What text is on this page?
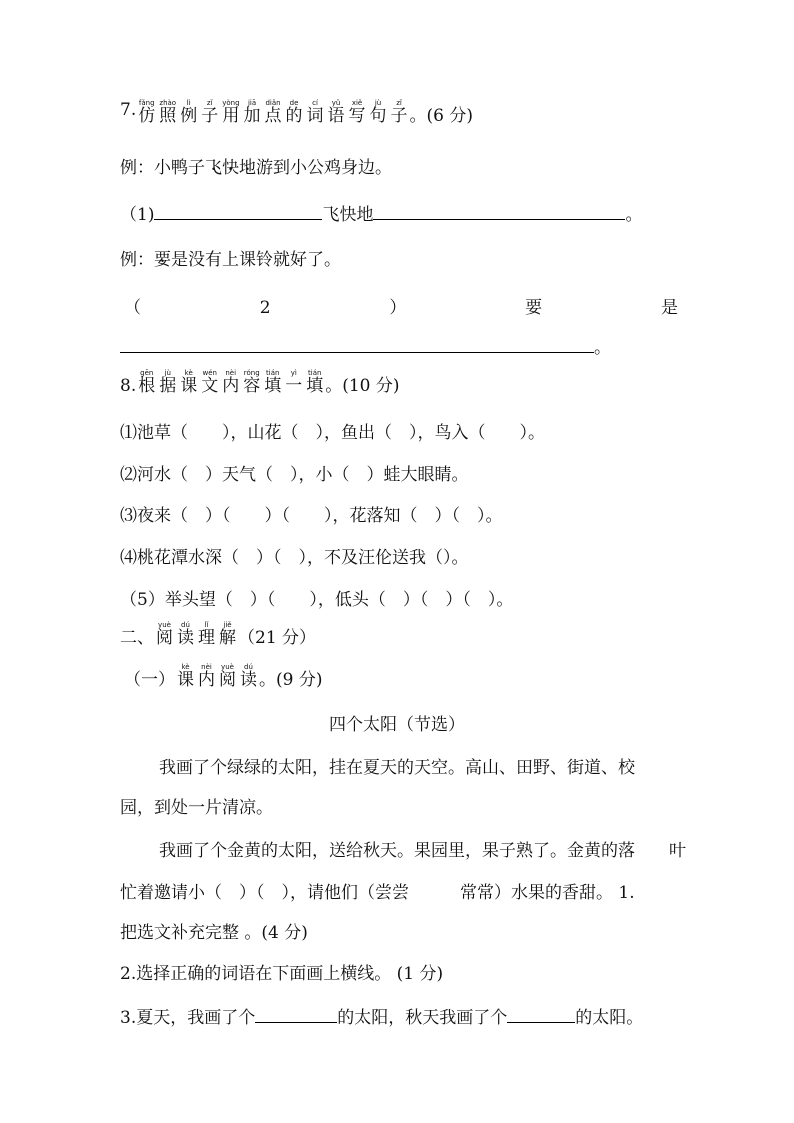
7. fǎng
仿
zhào
照
lì
例
zǐ
子
yòng
用
jiā
加
diǎn
点
de
的
cí
词
yǔ
语
xiě
写
jù
句
zǐ
子 。(6 分)
例：小鸭子飞 •快 •地 •游到小公鸡身边。
（1)	飞快地	。
例：要 •是没有上课铃就好 •了。
（	2	）	要	是
。
8.
gēn
根
jù
据
kè
课
wén
文
nèi
内
róng
容
tián
填
yì
一
tián
填 。(10 分)
⑴池草（　　），山花（　），鱼出（　），鸟入（　　）。
⑵河水（　）天气（　），小（　）蛙大眼睛。
⑶夜来（　）（　　）（　　），花落知（　）（　）。
⑷桃花潭水深（　）（　），不及汪伦送我（）。
（5）举头望（　）（　　），低头（　）（　）（　）。
二、
yuè
阅
dú
读
lǐ
理
jiě
解 （21 分）
（一）
kè
课
nèi
内
yuè
阅
dú
读 。(9 分)
四个太阳（节选）
我画了个绿绿的太阳，挂在夏天的天空。高山、田野、街道、校
园，到处一片清凉。
我画了个金黄的太阳，送给秋天。果园里，果子熟了。金黄的落　　叶
忙着邀请小（　）（　），请他们（尝尝　　　常常）水果的香甜。 1.
把选文补充完整 。(4 分)
2.选择正确的词语在下面画上横线。 (1 分)
3.夏天，我画了个	的太阳，秋天我画了个	的太阳。
